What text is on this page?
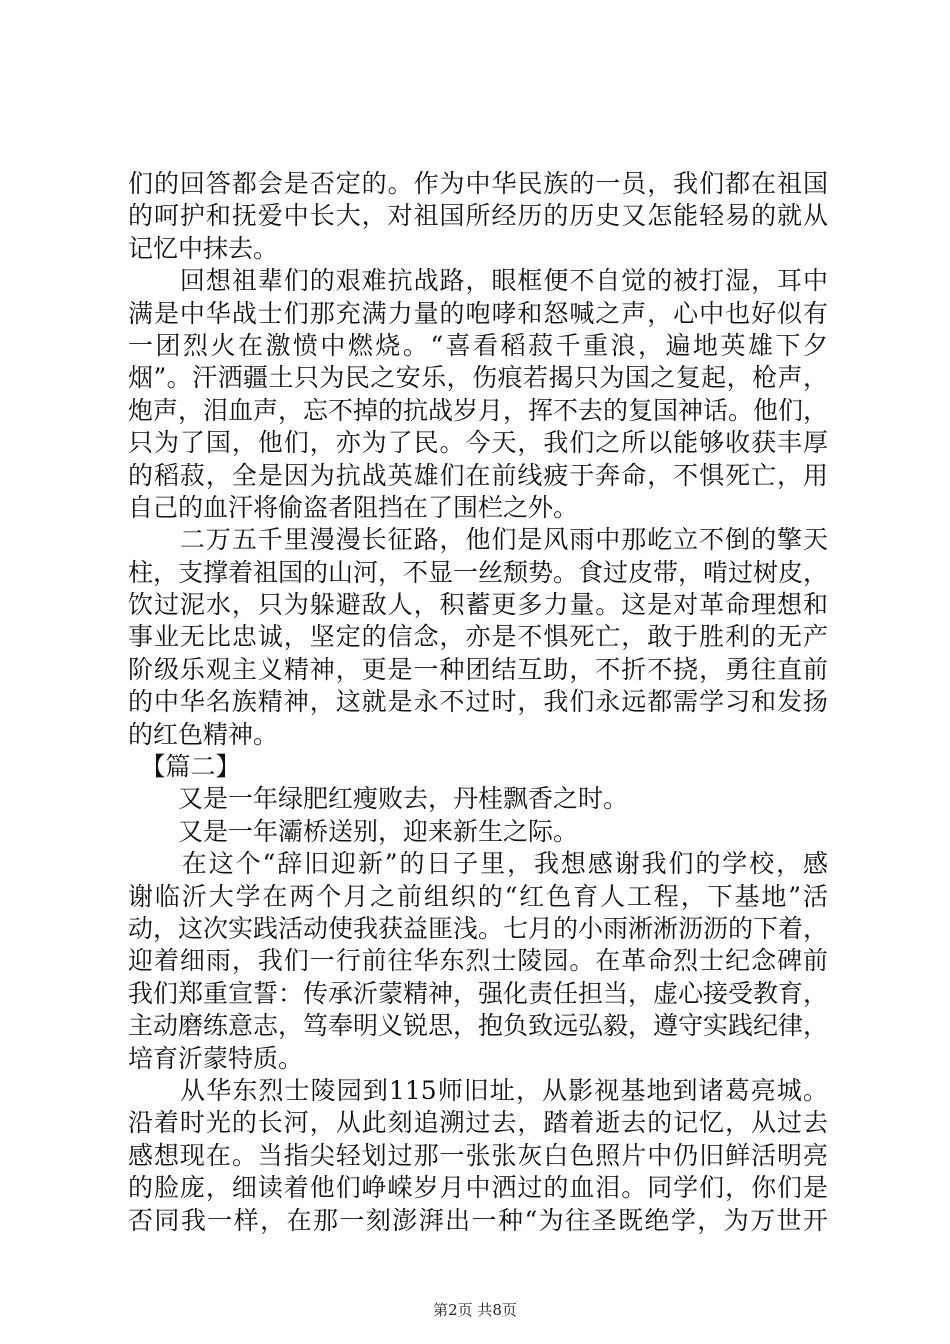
们的回答都会是否定的。作为中华民族的一员，我们都在祖国
的呵护和抚爱中长大，对祖国所经历的历史又怎能轻易的就从
记忆中抹去。
　　回想祖辈们的艰难抗战路，眼框便不自觉的被打湿，耳中
满是中华战士们那充满力量的咆哮和怒喊之声，心中也好似有
一团烈火在激愤中燃烧。“喜看稻菽千重浪，遍地英雄下夕
烟”。汗洒疆土只为民之安乐，伤痕若揭只为国之复起，枪声，
炮声，泪血声，忘不掉的抗战岁月，挥不去的复国神话。他们，
只为了国，他们，亦为了民。今天，我们之所以能够收获丰厚
的稻菽，全是因为抗战英雄们在前线疲于奔命，不惧死亡，用
自己的血汗将偷盗者阻挡在了围栏之外。
　　二万五千里漫漫长征路，他们是风雨中那屹立不倒的擎天
柱，支撑着祖国的山河，不显一丝颓势。食过皮带，啃过树皮，
饮过泥水，只为躲避敌人，积蓄更多力量。这是对革命理想和
事业无比忠诚，坚定的信念，亦是不惧死亡，敢于胜利的无产
阶级乐观主义精神，更是一种团结互助，不折不挠，勇往直前
的中华名族精神，这就是永不过时，我们永远都需学习和发扬
的红色精神。
　【篇二】
　　又是一年绿肥红瘦败去，丹桂飘香之时。
　　又是一年灞桥送别，迎来新生之际。
　　在这个“辞旧迎新”的日子里，我想感谢我们的学校，感
谢临沂大学在两个月之前组织的“红色育人工程，下基地”活
动，这次实践活动使我获益匪浅。七月的小雨淅淅沥沥的下着，
迎着细雨，我们一行前往华东烈士陵园。在革命烈士纪念碑前
我们郑重宣誓：传承沂蒙精神，强化责任担当，虚心接受教育，
主动磨练意志，笃奉明义锐思，抱负致远弘毅，遵守实践纪律，
培育沂蒙特质。
　　从华东烈士陵园到115师旧址，从影视基地到诸葛亮城。
沿着时光的长河，从此刻追溯过去，踏着逝去的记忆，从过去
感想现在。当指尖轻划过那一张张灰白色照片中仍旧鲜活明亮
的脸庞，细读着他们峥嵘岁月中洒过的血泪。同学们，你们是
否同我一样，在那一刻澎湃出一种“为往圣既绝学，为万世开
第2页 共8页
